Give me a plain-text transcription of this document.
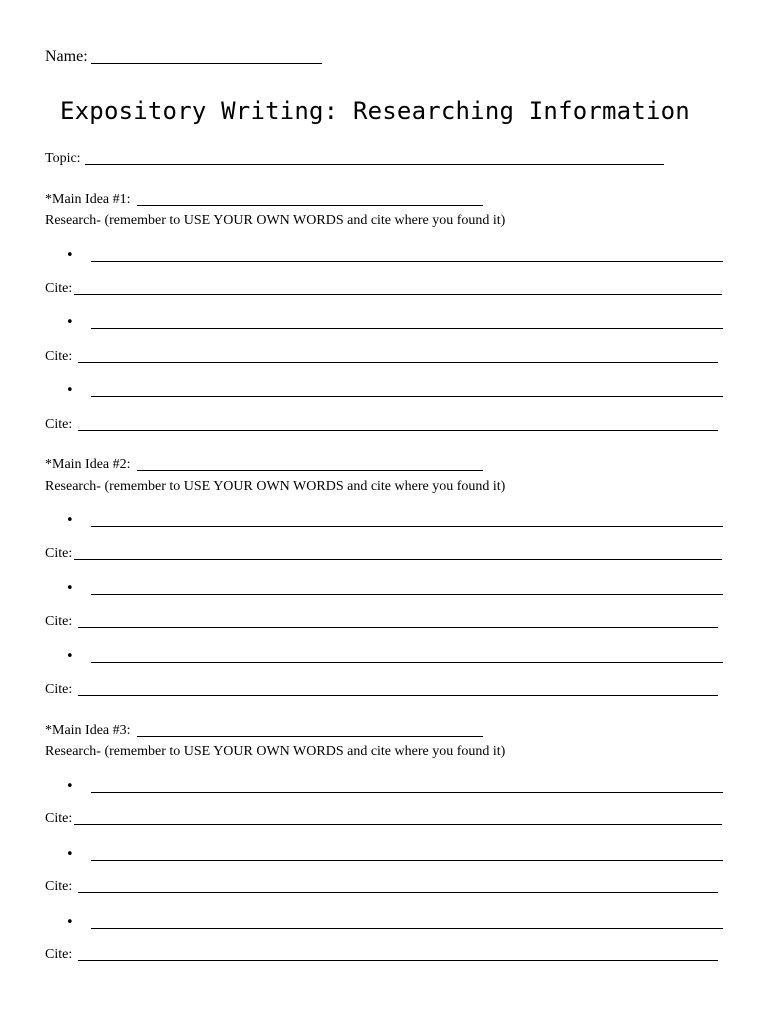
Name:
Expository Writing: Researching Information
Topic:
*Main Idea #1:
Research- (remember to USE YOUR OWN WORDS and cite where you found it)
•
Cite:
•
Cite:
•
Cite:
*Main Idea #2:
Research- (remember to USE YOUR OWN WORDS and cite where you found it)
•
Cite:
•
Cite:
•
Cite:
*Main Idea #3:
Research- (remember to USE YOUR OWN WORDS and cite where you found it)
•
Cite:
•
Cite:
•
Cite:
